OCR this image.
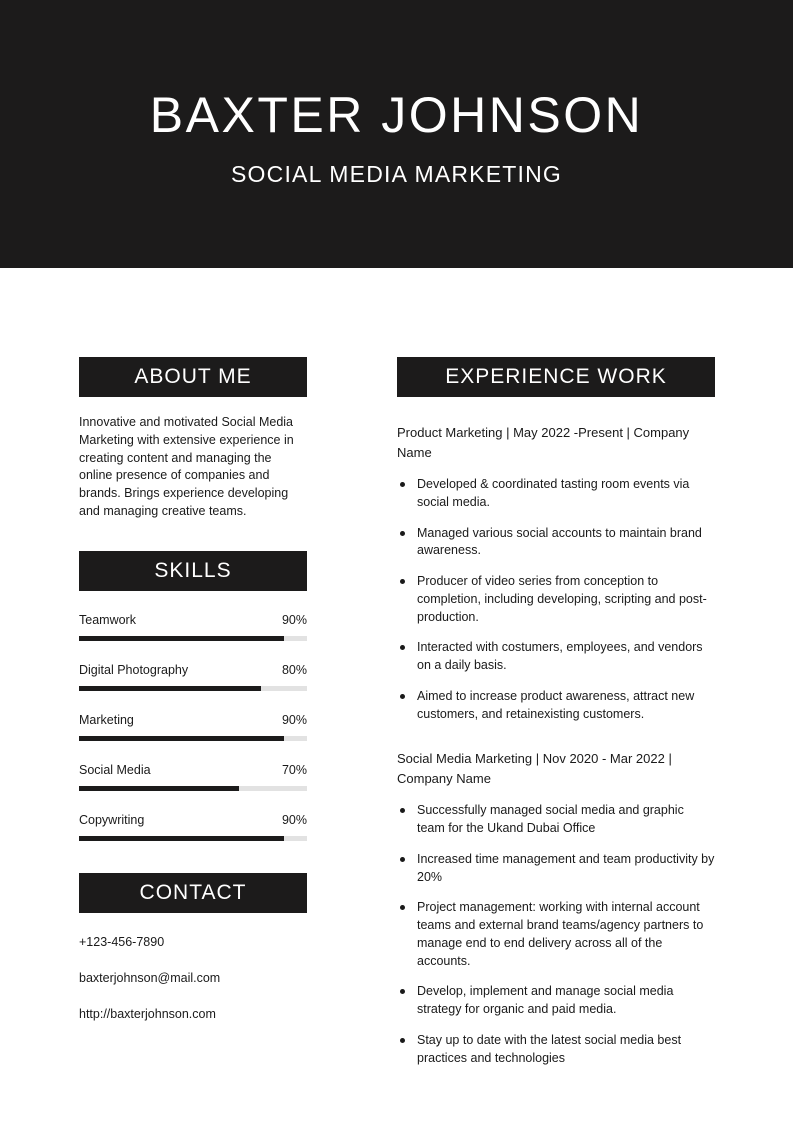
BAXTER JOHNSON
SOCIAL MEDIA MARKETING
ABOUT ME
Innovative and motivated Social Media Marketing with extensive experience in creating content and managing the online presence of companies and brands. Brings experience developing and managing creative teams.
SKILLS
Teamwork	90%
Digital Photography	80%
Marketing	90%
Social Media	70%
Copywriting	90%
CONTACT
+123-456-7890
baxterjohnson@mail.com
http://baxterjohnson.com
EXPERIENCE WORK
Product Marketing | May 2022 -Present | Company Name
Developed & coordinated tasting room events via social media.
Managed various social accounts to maintain brand awareness.
Producer of video series from conception to completion, including developing, scripting and post-production.
Interacted with costumers, employees, and vendors on a daily basis.
Aimed to increase product awareness, attract new customers, and retainexisting customers.
Social Media Marketing | Nov 2020 - Mar 2022 | Company Name
Successfully managed social media and graphic team for the Ukand Dubai Office
Increased time management and team productivity by 20%
Project management: working with internal account teams and external brand teams/agency partners to manage end to end delivery across all of the accounts.
Develop, implement and manage social media strategy for organic and paid media.
Stay up to date with the latest social media best practices and technologies
